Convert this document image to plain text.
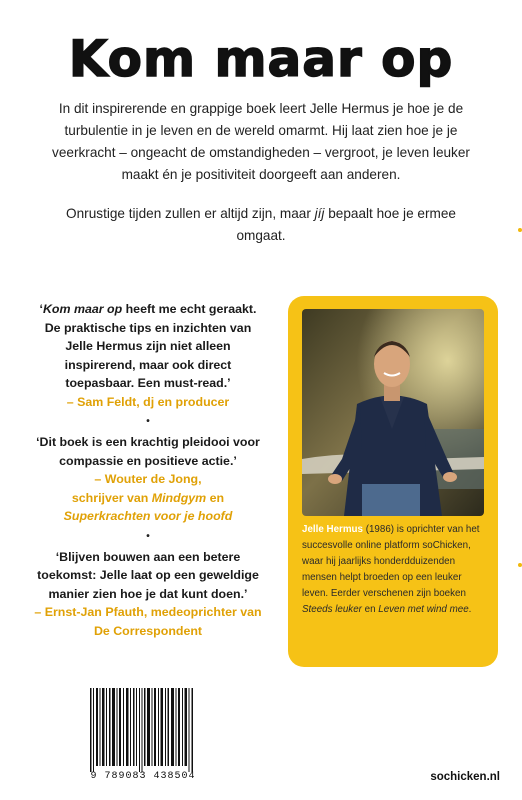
Kom maar op

In dit inspirerende en grappige boek leert Jelle Hermus je hoe je de turbulentie in je leven en de wereld omarmt. Hij laat zien hoe je je veerkracht – ongeacht de omstandigheden – vergroot, je leven leuker maakt én je positiviteit doorgeeft aan anderen.

Onrustige tijden zullen er altijd zijn, maar jíj bepaalt hoe je ermee omgaat.

‘Kom maar op heeft me echt geraakt. De praktische tips en inzichten van Jelle Hermus zijn niet alleen inspirerend, maar ook direct toepasbaar. Een must-read.’
– Sam Feldt, dj en producer
•
‘Dit boek is een krachtig pleidooi voor compassie en positieve actie.’
– Wouter de Jong,
schrijver van Mindgym en
Superkrachten voor je hoofd
•
‘Blijven bouwen aan een betere toekomst: Jelle laat op een geweldige manier zien hoe je dat kunt doen.’
– Ernst-Jan Pfauth, medeoprichter van De Correspondent
Jelle Hermus (1986) is oprichter van het succesvolle online platform soChicken, waar hij jaarlijks honderdduizenden mensen helpt broeden op een leuker leven. Eerder verschenen zijn boeken Steeds leuker en Leven met wind mee.
9 789083 438504	sochicken.nl
